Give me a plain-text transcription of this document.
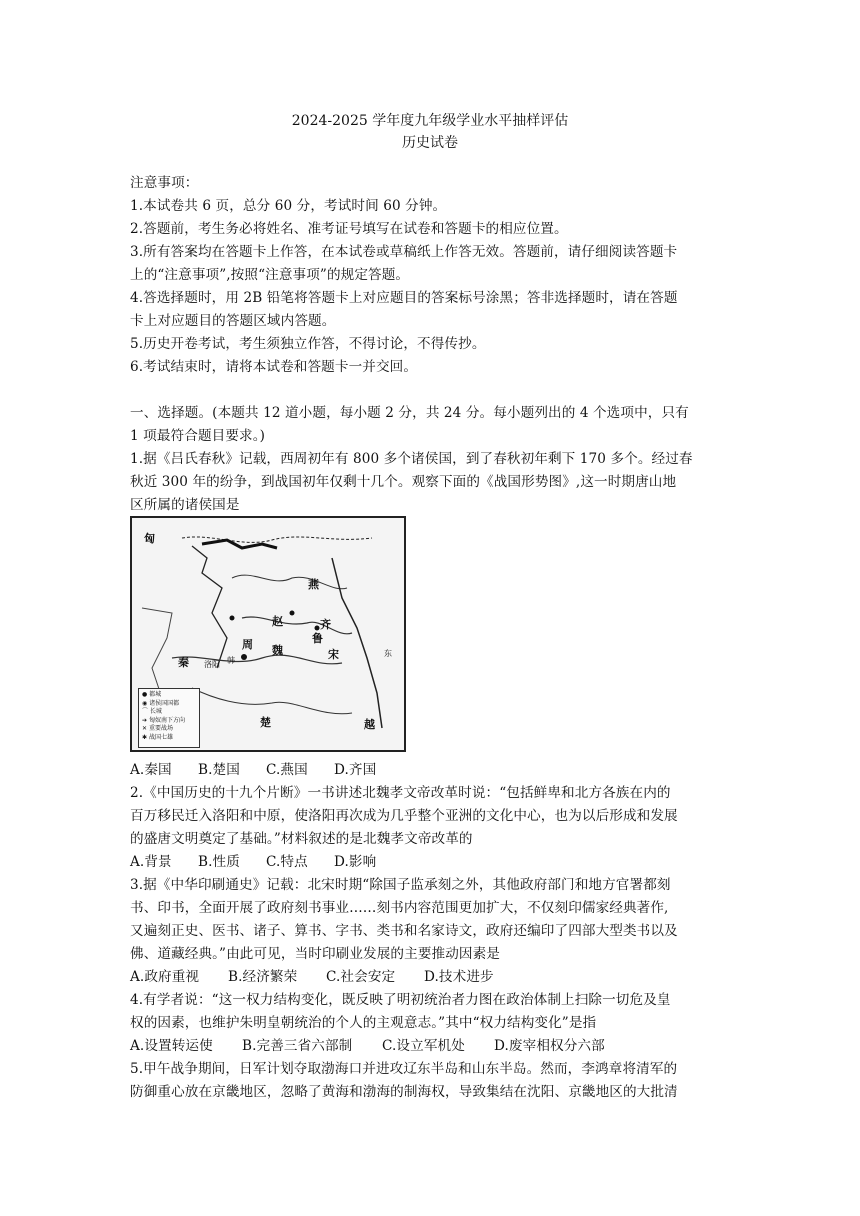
2024-2025 学年度九年级学业水平抽样评估
历史试卷
注意事项：
1.本试卷共 6 页，总分 60 分，考试时间 60 分钟。
2.答题前，考生务必将姓名、准考证号填写在试卷和答题卡的相应位置。
3.所有答案均在答题卡上作答，在本试卷或草稿纸上作答无效。答题前，请仔细阅读答题卡
上的“注意事项”,按照“注意事项”的规定答题。
4.答选择题时，用 2B 铅笔将答题卡上对应题目的答案标号涂黑；答非选择题时，请在答题
卡上对应题目的答题区域内答题。
5.历史开卷考试，考生须独立作答，不得讨论，不得传抄。
6.考试结束时，请将本试卷和答题卡一并交回。
一、选择题。(本题共 12 道小题，每小题 2 分，共 24 分。每小题列出的 4 个选项中，只有
1 项最符合题目要求。)
1.据《吕氏春秋》记载，西周初年有 800 多个诸侯国，到了春秋初年剩下 170 多个。经过春
秋近 300 年的纷争，到战国初年仅剩十几个。观察下面的《战国形势图》,这一时期唐山地
区所属的诸侯国是
匈
燕
赵	齐
周 魏
韩
秦 洛阳
宋
鲁
楚	越
东
● 都城
◉ 诸侯国国都
⌒ 长城
➔ 匈奴南下方向
✕ 重要战场
✱ 战国七雄
A.秦国 B.楚国 C.燕国 D.齐国
2.《中国历史的十九个片断》一书讲述北魏孝文帝改革时说：“包括鲜卑和北方各族在内的
百万移民迁入洛阳和中原，使洛阳再次成为几乎整个亚洲的文化中心，也为以后形成和发展
的盛唐文明奠定了基础。”材料叙述的是北魏孝文帝改革的
A.背景 B.性质 C.特点 D.影响
3.据《中华印刷通史》记载：北宋时期“除国子监承刻之外，其他政府部门和地方官署都刻
书、印书，全面开展了政府刻书事业……刻书内容范围更加扩大，不仅刻印儒家经典著作,
又遍刻正史、医书、诸子、算书、字书、类书和名家诗文，政府还编印了四部大型类书以及
佛、道藏经典。”由此可见，当时印刷业发展的主要推动因素是
A.政府重视 B.经济繁荣 C.社会安定 D.技术进步
4.有学者说：“这一权力结构变化，既反映了明初统治者力图在政治体制上扫除一切危及皇
权的因素，也维护朱明皇朝统治的个人的主观意志。”其中“权力结构变化”是指
A.设置转运使 B.完善三省六部制 C.设立军机处 D.废宰相权分六部
5.甲午战争期间，日军计划夺取渤海口并进攻辽东半岛和山东半岛。然而，李鸿章将清军的
防御重心放在京畿地区，忽略了黄海和渤海的制海权，导致集结在沈阳、京畿地区的大批清
